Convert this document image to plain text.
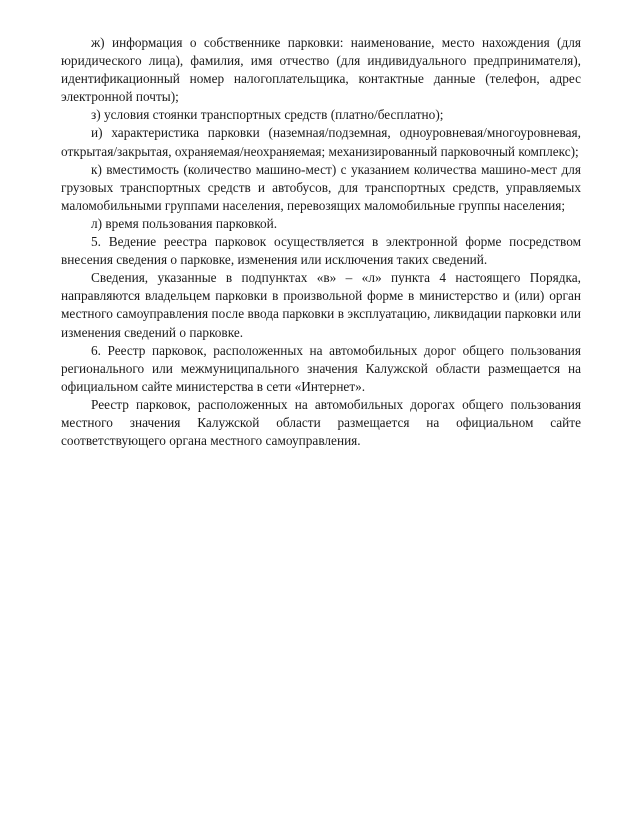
ж) информация о собственнике парковки: наименование, место нахождения (для юридического лица), фамилия, имя отчество (для индивидуального предпринимателя), идентификационный номер налогоплательщика, контактные данные (телефон, адрес электронной почты);

з) условия стоянки транспортных средств (платно/бесплатно);

и) характеристика парковки (наземная/подземная, одноуровневая/многоуровневая, открытая/закрытая, охраняемая/неохраняемая; механизированный парковочный комплекс);

к) вместимость (количество машино-мест) с указанием количества машино-мест для грузовых транспортных средств и автобусов, для транспортных средств, управляемых маломобильными группами населения, перевозящих маломобильные группы населения;

л) время пользования парковкой.

5. Ведение реестра парковок осуществляется в электронной форме посредством внесения сведения о парковке, изменения или исключения таких сведений.

Сведения, указанные в подпунктах «в» – «л» пункта 4 настоящего Порядка, направляются владельцем парковки в произвольной форме в министерство и (или) орган местного самоуправления после ввода парковки в эксплуатацию, ликвидации парковки или изменения сведений о парковке.

6. Реестр парковок, расположенных на автомобильных дорог общего пользования регионального или межмуниципального значения Калужской области размещается на официальном сайте министерства в сети «Интернет».

Реестр парковок, расположенных на автомобильных дорогах общего пользования местного значения Калужской области размещается на официальном сайте соответствующего органа местного самоуправления.
